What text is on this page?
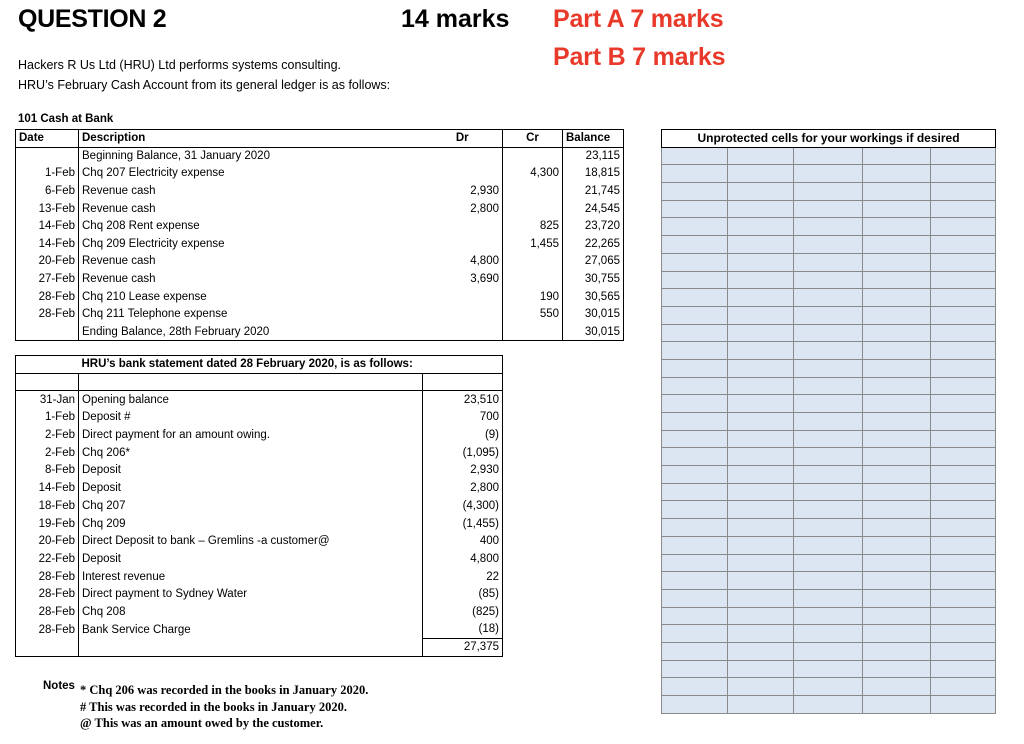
QUESTION 2	14 marks Part A 7 marks
Part B 7 marks
Hackers R Us Ltd (HRU) Ltd performs systems consulting.
HRU’s February Cash Account from its general ledger is as follows:
101 Cash at Bank
Date	Description	Dr	Cr	Balance
	Beginning Balance, 31 January 2020			23,115
1-Feb	Chq 207 Electricity expense		4,300	18,815
6-Feb	Revenue cash	2,930		21,745
13-Feb	Revenue cash	2,800		24,545
14-Feb	Chq 208 Rent expense		825	23,720
14-Feb	Chq 209 Electricity expense		1,455	22,265
20-Feb	Revenue cash	4,800		27,065
27-Feb	Revenue cash	3,690		30,755
28-Feb	Chq 210 Lease expense		190	30,565
28-Feb	Chq 211 Telephone expense		550	30,015
	Ending Balance, 28th February 2020			30,015
	HRU’s bank statement dated 28 February 2020, is as follows:	

31-Jan	Opening balance	23,510
1-Feb	Deposit #	700
2-Feb	Direct payment for an amount owing.	(9)
2-Feb	Chq 206*	(1,095)
8-Feb	Deposit	2,930
14-Feb	Deposit	2,800
18-Feb	Chq 207	(4,300)
19-Feb	Chq 209	(1,455)
20-Feb	Direct Deposit to bank – Gremlins -a customer@	400
22-Feb	Deposit	4,800
28-Feb	Interest revenue	22
28-Feb	Direct payment to Sydney Water	(85)
28-Feb	Chq 208	(825)
28-Feb	Bank Service Charge	(18)
		27,375
Unprotected cells for your workings if desired				

Notes * Chq 206 was recorded in the books in January 2020.
# This was recorded in the books in January 2020.
@ This was an amount owed by the customer.
